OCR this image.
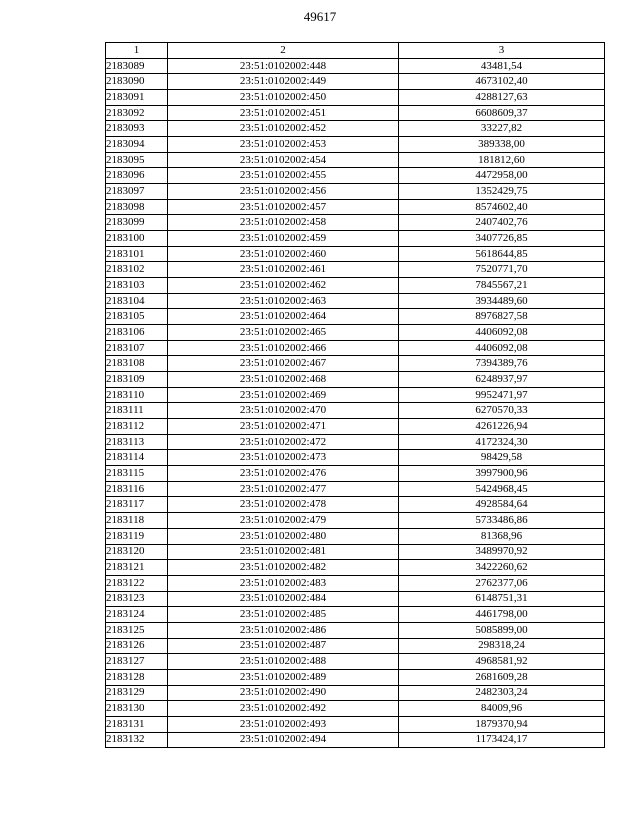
49617
1	2	3
2183089	23:51:0102002:448	43481,54
2183090	23:51:0102002:449	4673102,40
2183091	23:51:0102002:450	4288127,63
2183092	23:51:0102002:451	6608609,37
2183093	23:51:0102002:452	33227,82
2183094	23:51:0102002:453	389338,00
2183095	23:51:0102002:454	181812,60
2183096	23:51:0102002:455	4472958,00
2183097	23:51:0102002:456	1352429,75
2183098	23:51:0102002:457	8574602,40
2183099	23:51:0102002:458	2407402,76
2183100	23:51:0102002:459	3407726,85
2183101	23:51:0102002:460	5618644,85
2183102	23:51:0102002:461	7520771,70
2183103	23:51:0102002:462	7845567,21
2183104	23:51:0102002:463	3934489,60
2183105	23:51:0102002:464	8976827,58
2183106	23:51:0102002:465	4406092,08
2183107	23:51:0102002:466	4406092,08
2183108	23:51:0102002:467	7394389,76
2183109	23:51:0102002:468	6248937,97
2183110	23:51:0102002:469	9952471,97
2183111	23:51:0102002:470	6270570,33
2183112	23:51:0102002:471	4261226,94
2183113	23:51:0102002:472	4172324,30
2183114	23:51:0102002:473	98429,58
2183115	23:51:0102002:476	3997900,96
2183116	23:51:0102002:477	5424968,45
2183117	23:51:0102002:478	4928584,64
2183118	23:51:0102002:479	5733486,86
2183119	23:51:0102002:480	81368,96
2183120	23:51:0102002:481	3489970,92
2183121	23:51:0102002:482	3422260,62
2183122	23:51:0102002:483	2762377,06
2183123	23:51:0102002:484	6148751,31
2183124	23:51:0102002:485	4461798,00
2183125	23:51:0102002:486	5085899,00
2183126	23:51:0102002:487	298318,24
2183127	23:51:0102002:488	4968581,92
2183128	23:51:0102002:489	2681609,28
2183129	23:51:0102002:490	2482303,24
2183130	23:51:0102002:492	84009,96
2183131	23:51:0102002:493	1879370,94
2183132	23:51:0102002:494	1173424,17
